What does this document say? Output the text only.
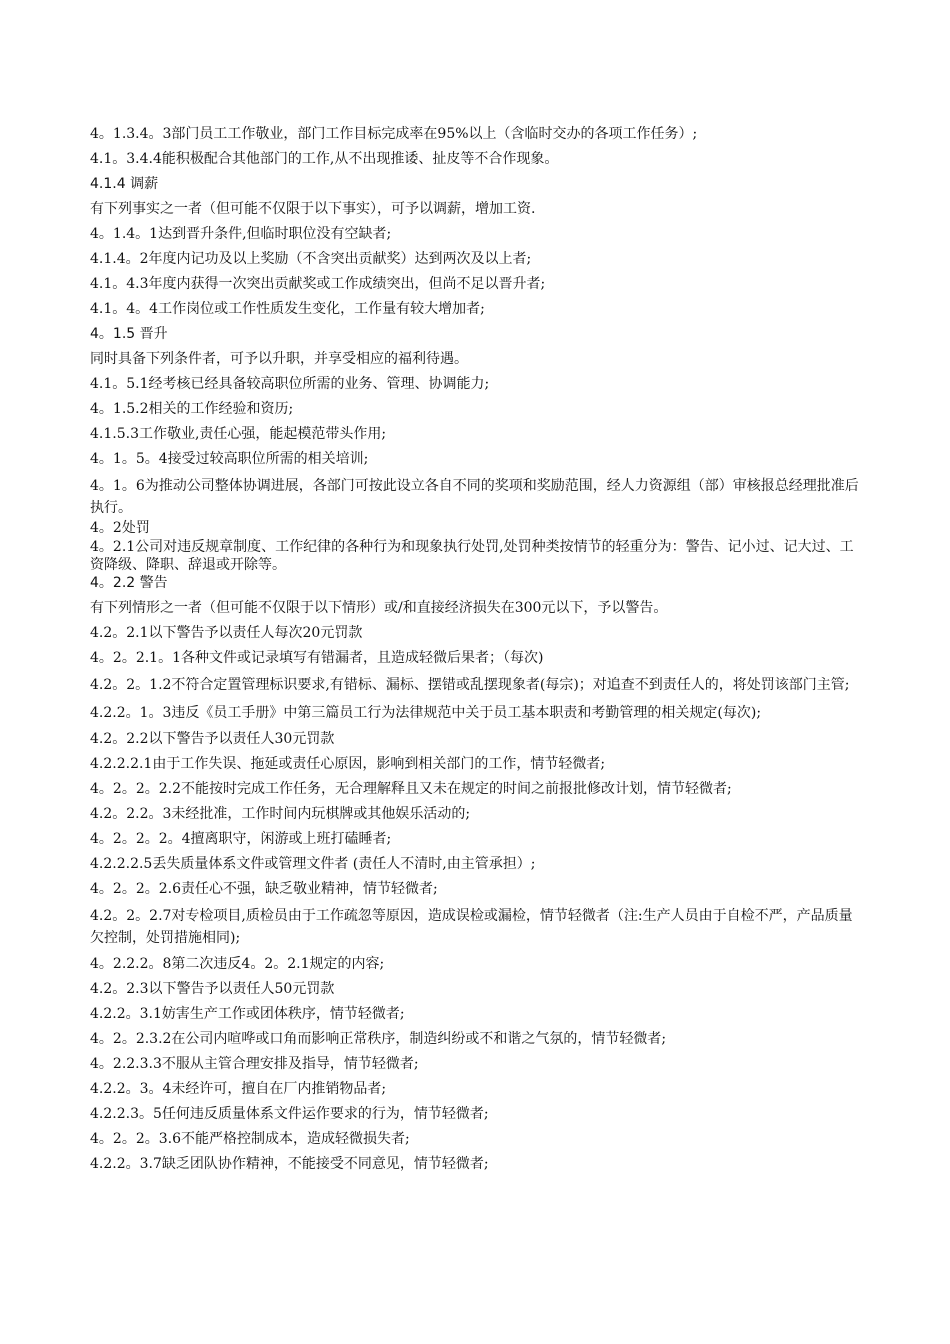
4。1.3.4。3部门员工工作敬业，部门工作目标完成率在95%以上（含临时交办的各项工作任务）;

4.1。3.4.4能积极配合其他部门的工作,从不出现推诿、扯皮等不合作现象。

4.1.4 调薪

有下列事实之一者（但可能不仅限于以下事实），可予以调薪，增加工资.

4。1.4。1达到晋升条件,但临时职位没有空缺者;

4.1.4。2年度内记功及以上奖励（不含突出贡献奖）达到两次及以上者;

4.1。4.3年度内获得一次突出贡献奖或工作成绩突出，但尚不足以晋升者;

4.1。4。4工作岗位或工作性质发生变化，工作量有较大增加者;

4。1.5 晋升

同时具备下列条件者，可予以升职，并享受相应的福利待遇。

4.1。5.1经考核已经具备较高职位所需的业务、管理、协调能力;

4。1.5.2相关的工作经验和资历;

4.1.5.3工作敬业,责任心强，能起模范带头作用;

4。1。5。4接受过较高职位所需的相关培训;

4。1。6为推动公司整体协调进展，各部门可按此设立各自不同的奖项和奖励范围，经人力资源组（部）审核报总经理批准后执行。

4。2处罚

4。2.1公司对违反规章制度、工作纪律的各种行为和现象执行处罚,处罚种类按情节的轻重分为：警告、记小过、记大过、工资降级、降职、辞退或开除等。

4。2.2 警告

有下列情形之一者（但可能不仅限于以下情形）或/和直接经济损失在300元以下，予以警告。

4.2。2.1以下警告予以责任人每次20元罚款

4。2。2.1。1各种文件或记录填写有错漏者，且造成轻微后果者；（每次)

4.2。2。1.2不符合定置管理标识要求,有错标、漏标、摆错或乱摆现象者(每宗)；对追查不到责任人的，将处罚该部门主管;

4.2.2。1。3违反《员工手册》中第三篇员工行为法律规范中关于员工基本职责和考勤管理的相关规定(每次);

4.2。2.2以下警告予以责任人30元罚款

4.2.2.2.1由于工作失误、拖延或责任心原因，影响到相关部门的工作，情节轻微者;

4。2。2。2.2不能按时完成工作任务，无合理解释且又未在规定的时间之前报批修改计划，情节轻微者;

4.2。2.2。3未经批准，工作时间内玩棋牌或其他娱乐活动的;

4。2。2。2。4擅离职守，闲游或上班打磕睡者;

4.2.2.2.5丢失质量体系文件或管理文件者 (责任人不清时,由主管承担）;

4。2。2。2.6责任心不强，缺乏敬业精神，情节轻微者;

4.2。2。2.7对专检项目,质检员由于工作疏忽等原因，造成误检或漏检，情节轻微者（注:生产人员由于自检不严，产品质量欠控制，处罚措施相同);

4。2.2.2。8第二次违反4。2。2.1规定的内容;

4.2。2.3以下警告予以责任人50元罚款

4.2.2。3.1妨害生产工作或团体秩序，情节轻微者;

4。2。2.3.2在公司内喧哗或口角而影响正常秩序，制造纠纷或不和谐之气氛的，情节轻微者;

4。2.2.3.3不服从主管合理安排及指导，情节轻微者;

4.2.2。3。4未经许可，擅自在厂内推销物品者;

4.2.2.3。5任何违反质量体系文件运作要求的行为，情节轻微者;

4。2。2。3.6不能严格控制成本，造成轻微损失者;

4.2.2。3.7缺乏团队协作精神，不能接受不同意见，情节轻微者;
